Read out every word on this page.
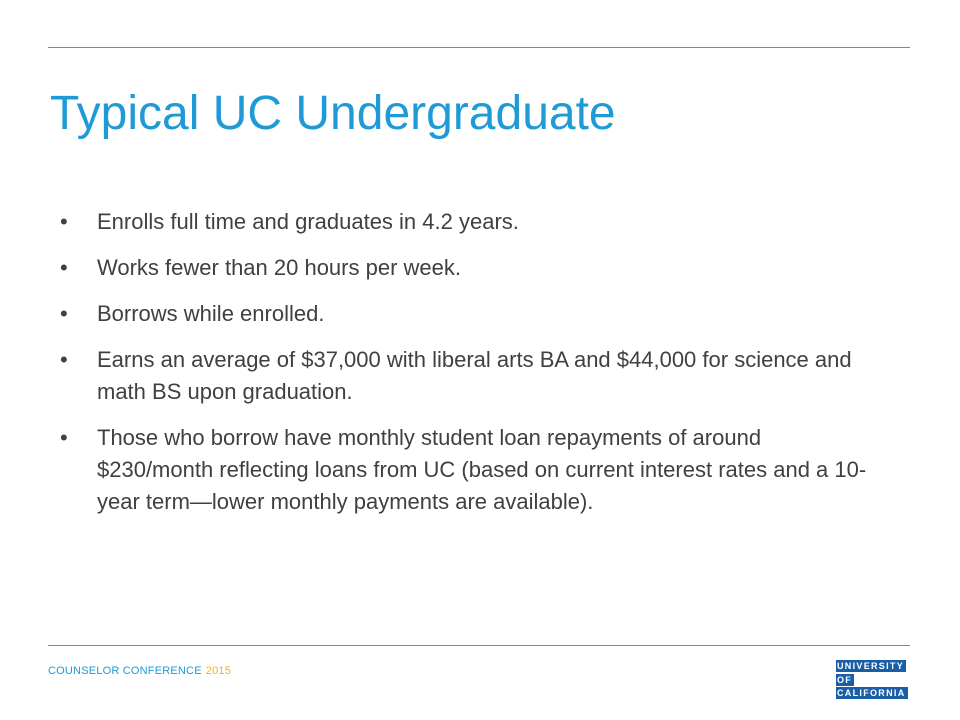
Typical UC Undergraduate
• Enrolls full time and graduates in 4.2 years.
• Works fewer than 20 hours per week.
• Borrows while enrolled.
• Earns an average of $37,000 with liberal arts BA and $44,000 for science and math BS upon graduation.
• Those who borrow have monthly student loan repayments of around $230/month reflecting loans from UC (based on current interest rates and a 10-year term—lower monthly payments are available).
COUNSELOR CONFERENCE 2015	UNIVERSITY
OF
CALIFORNIA
